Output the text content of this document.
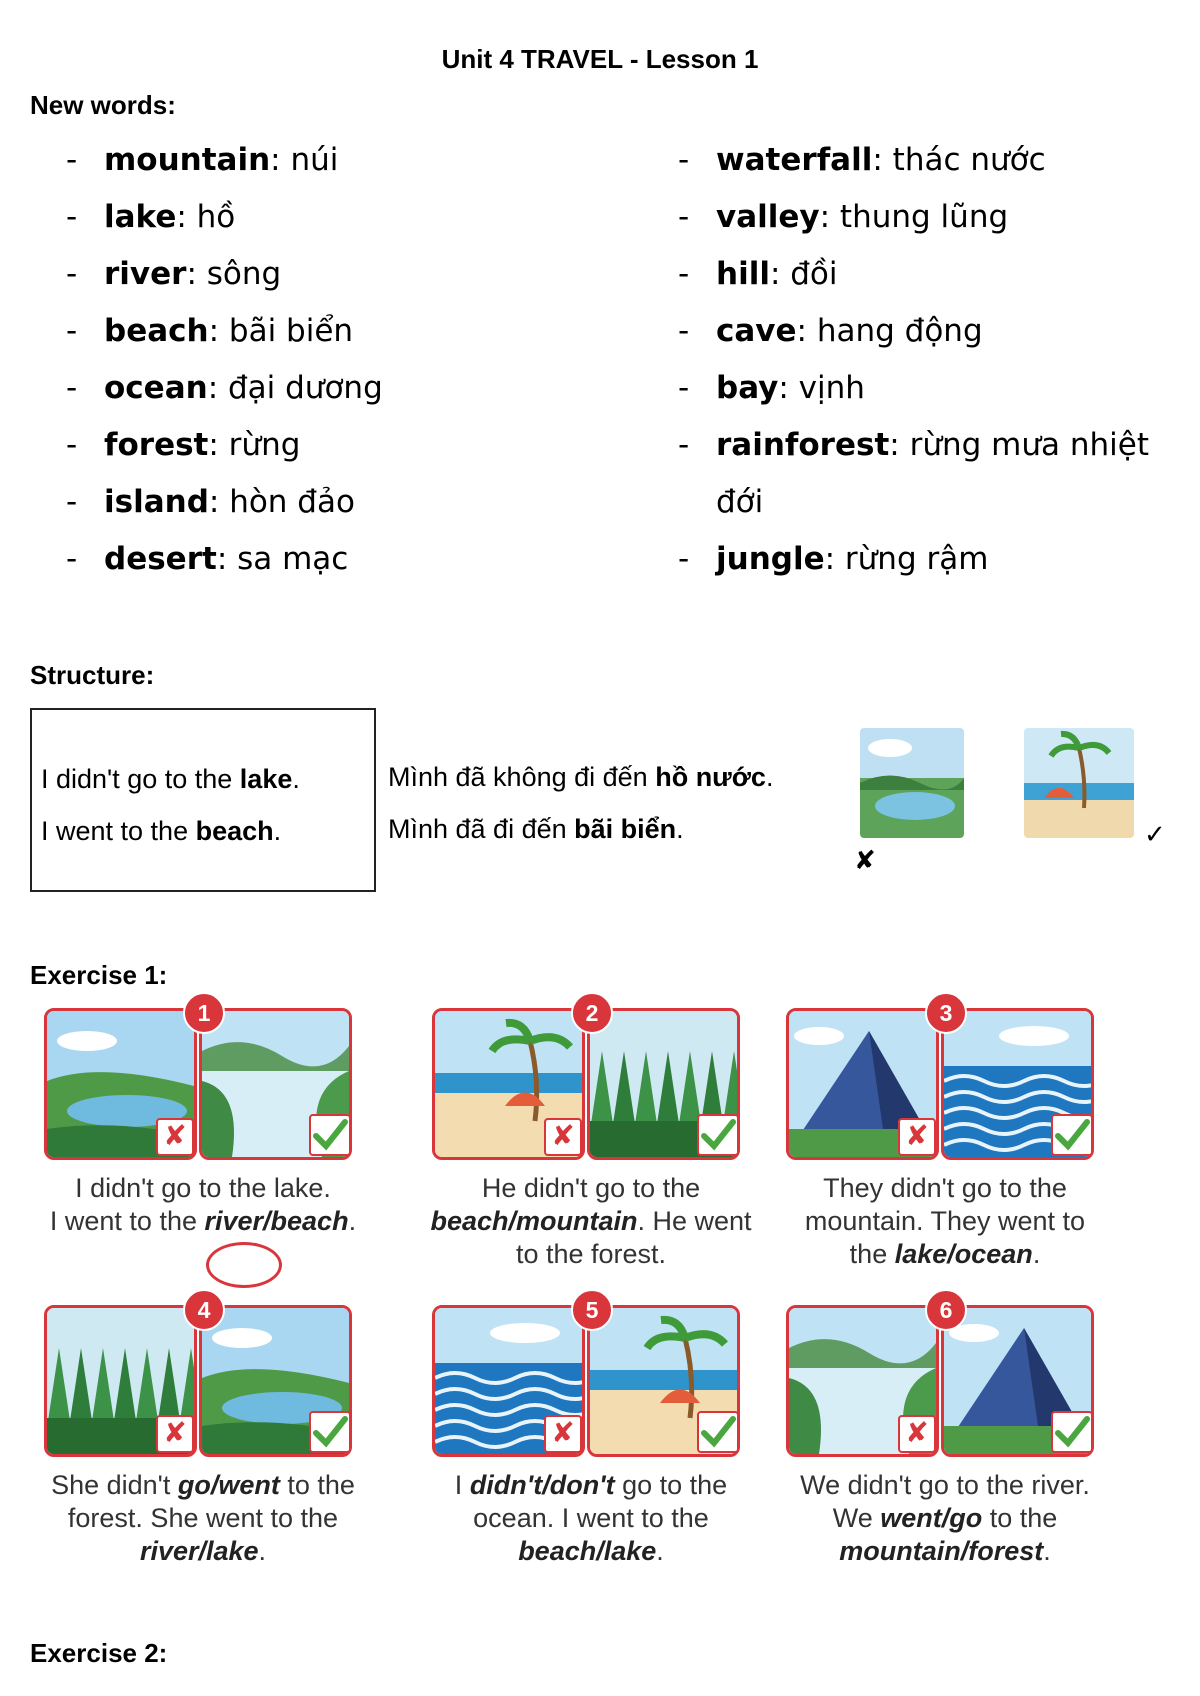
Unit 4 TRAVEL - Lesson 1
New words:
- mountain : núi
- lake : hồ
- river : sông
- beach : bãi biển
- ocean : đại dương
- forest : rừng
- island : hòn đảo
- desert : sa mạc
- waterfall : thác nước
- valley : thung lũng
- hill : đồi
- cave : hang động
- bay : vịnh
- rainforest : rừng mưa nhiệt
đới
- jungle : rừng rậm
Structure:
I didn't go to the lake.
I went to the beach.
Mình đã không đi đến hồ nước.
Mình đã đi đến bãi biển.
✘
✓
Exercise 1:
1
✘
I didn't go to the lake.
I went to the river/beach.
2
✘
He didn't go to the
beach/mountain. He went
to the forest.
3
✘
They didn't go to the
mountain. They went to
the lake/ocean.
4
✘
She didn't go/went to the
forest. She went to the
river/lake.
5
✘
I didn't/don't go to the
ocean. I went to the
beach/lake.
6
✘
We didn't go to the river.
We went/go to the
mountain/forest.
Exercise 2:
